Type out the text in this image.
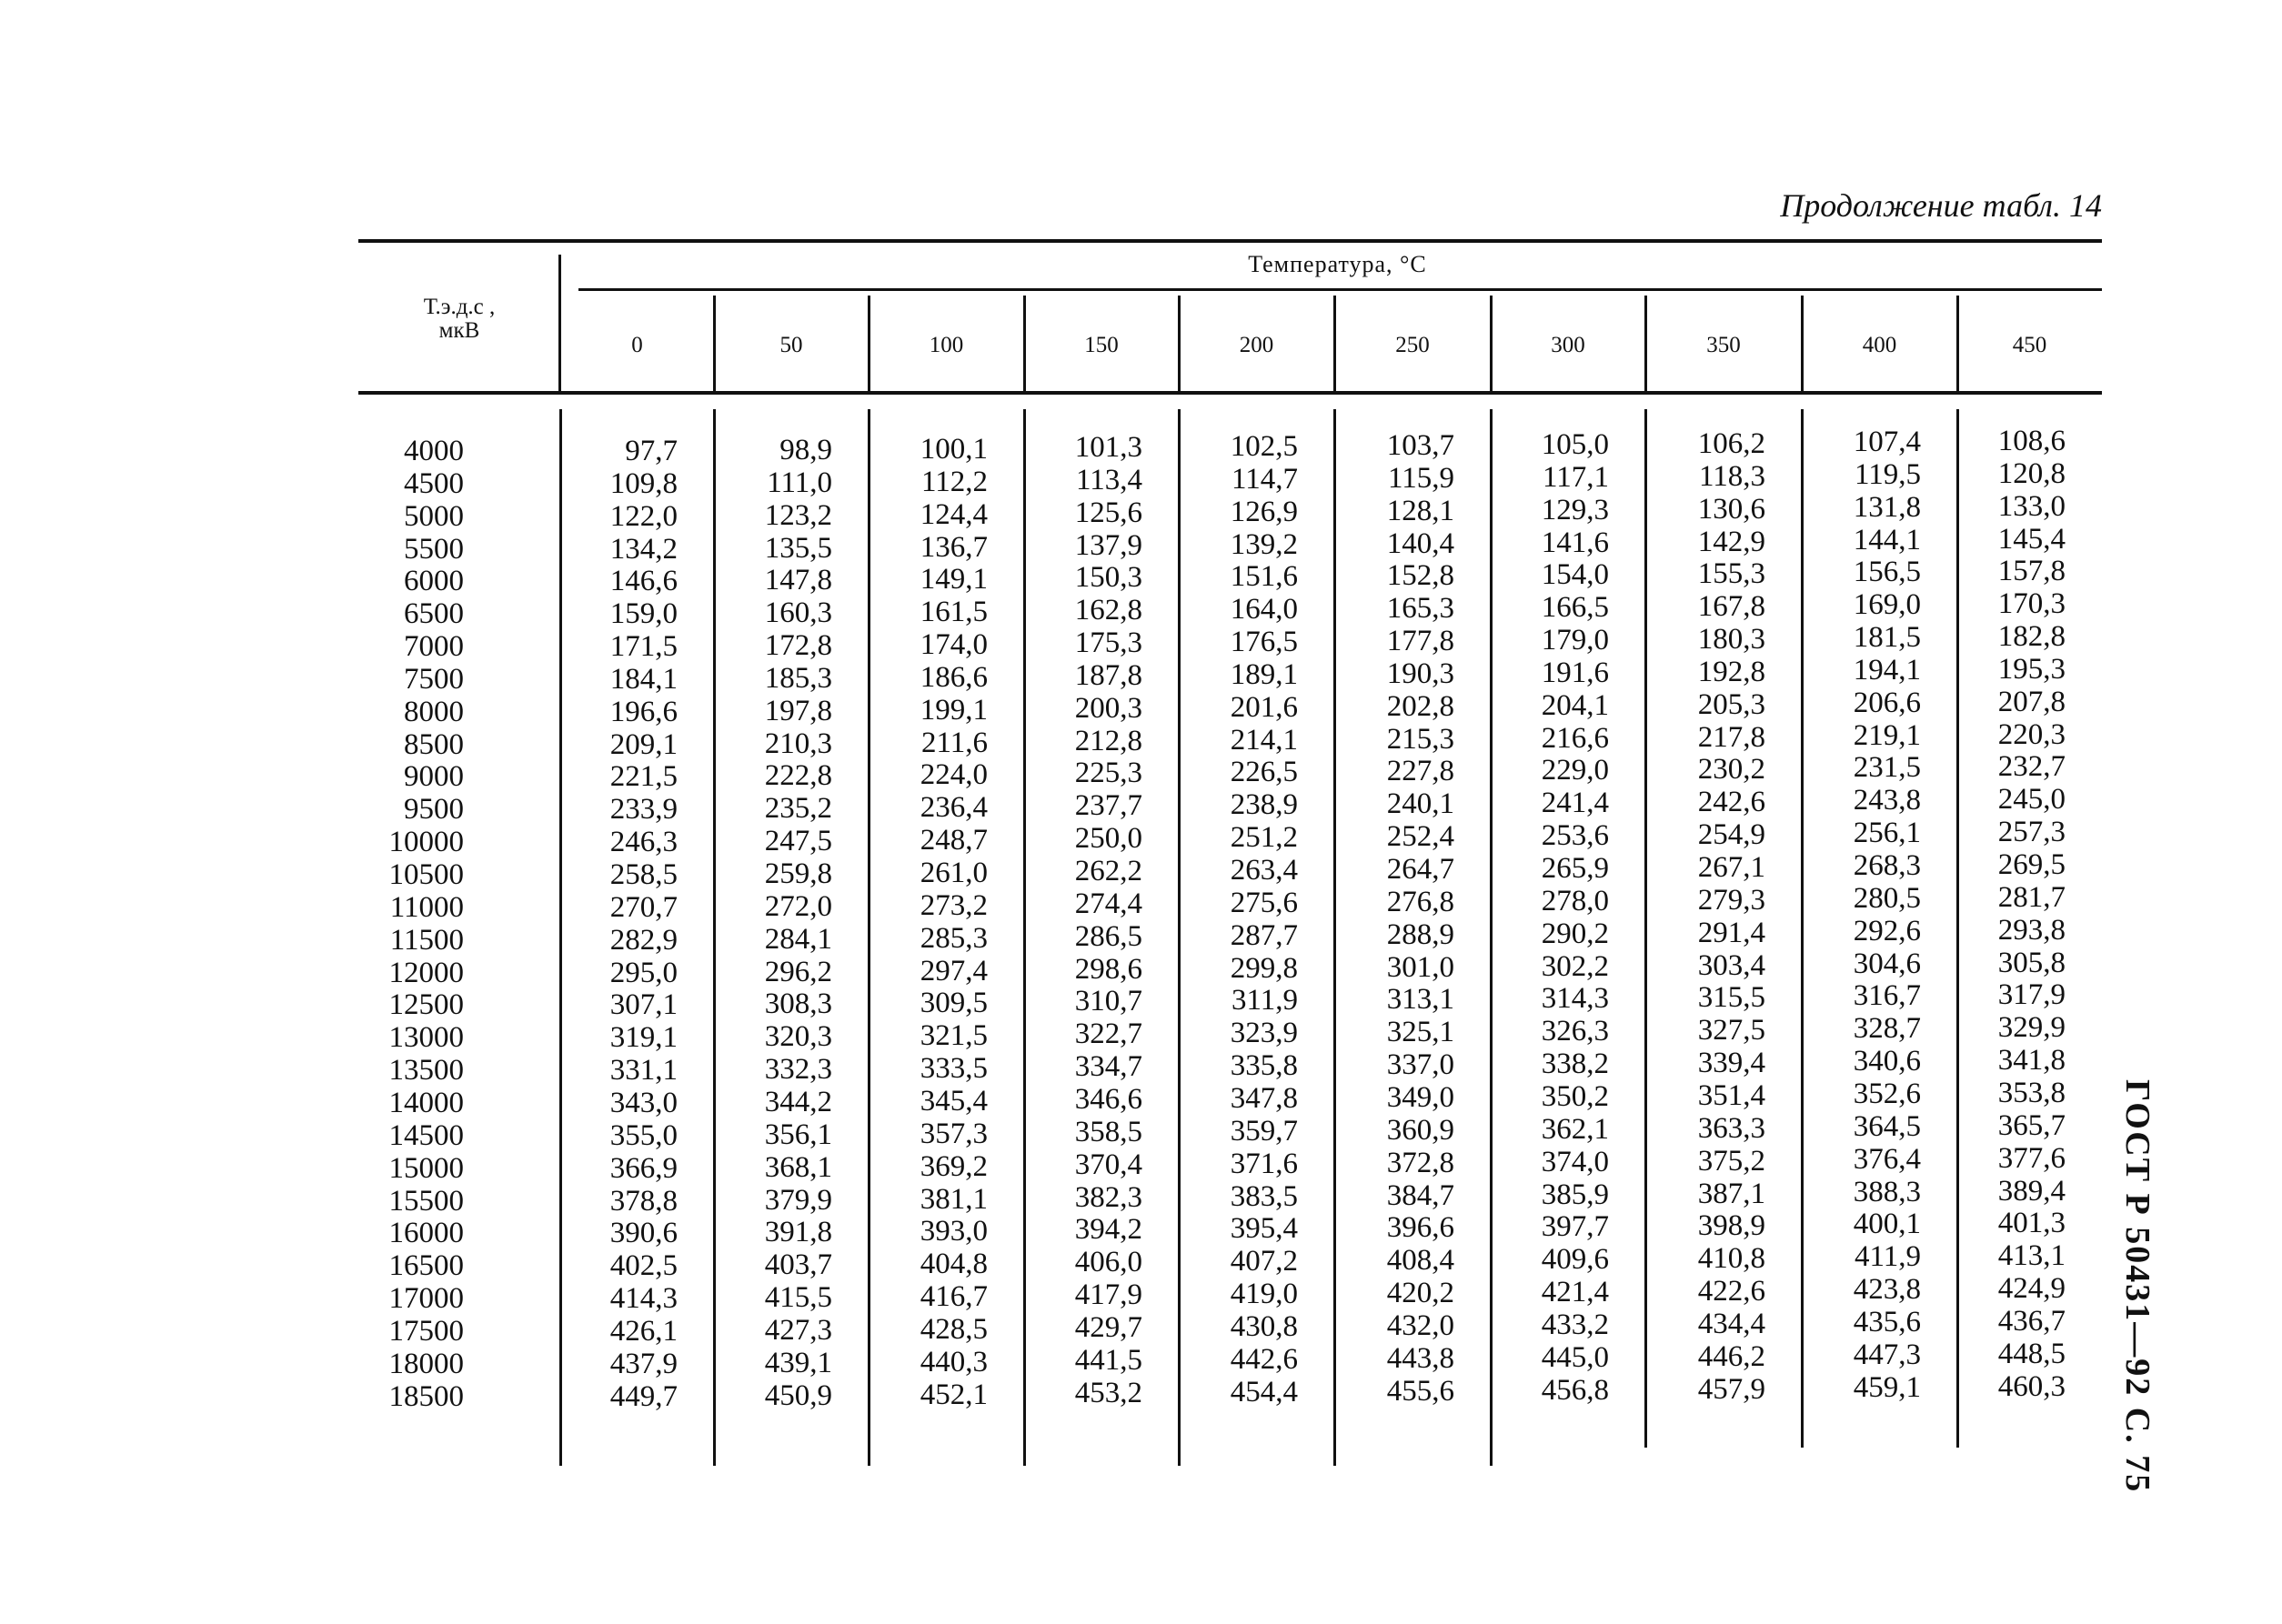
Продолжение табл. 14
Т.э.д.с ,
мкВ
Температура, °С
0	50	100	150	200	250	300	350	400	450
4000	97,7	98,9	100,1	101,3	102,5	103,7	105,0	106,2	107,4	108,6
4500	109,8	111,0	112,2	113,4	114,7	115,9	117,1	118,3	119,5	120,8
5000	122,0	123,2	124,4	125,6	126,9	128,1	129,3	130,6	131,8	133,0
5500	134,2	135,5	136,7	137,9	139,2	140,4	141,6	142,9	144,1	145,4
6000	146,6	147,8	149,1	150,3	151,6	152,8	154,0	155,3	156,5	157,8
6500	159,0	160,3	161,5	162,8	164,0	165,3	166,5	167,8	169,0	170,3
7000	171,5	172,8	174,0	175,3	176,5	177,8	179,0	180,3	181,5	182,8
7500	184,1	185,3	186,6	187,8	189,1	190,3	191,6	192,8	194,1	195,3
8000	196,6	197,8	199,1	200,3	201,6	202,8	204,1	205,3	206,6	207,8
8500	209,1	210,3	211,6	212,8	214,1	215,3	216,6	217,8	219,1	220,3
9000	221,5	222,8	224,0	225,3	226,5	227,8	229,0	230,2	231,5	232,7
9500	233,9	235,2	236,4	237,7	238,9	240,1	241,4	242,6	243,8	245,0
10000	246,3	247,5	248,7	250,0	251,2	252,4	253,6	254,9	256,1	257,3
10500	258,5	259,8	261,0	262,2	263,4	264,7	265,9	267,1	268,3	269,5
11000	270,7	272,0	273,2	274,4	275,6	276,8	278,0	279,3	280,5	281,7
11500	282,9	284,1	285,3	286,5	287,7	288,9	290,2	291,4	292,6	293,8
12000	295,0	296,2	297,4	298,6	299,8	301,0	302,2	303,4	304,6	305,8
12500	307,1	308,3	309,5	310,7	311,9	313,1	314,3	315,5	316,7	317,9
13000	319,1	320,3	321,5	322,7	323,9	325,1	326,3	327,5	328,7	329,9
13500	331,1	332,3	333,5	334,7	335,8	337,0	338,2	339,4	340,6	341,8
14000	343,0	344,2	345,4	346,6	347,8	349,0	350,2	351,4	352,6	353,8
14500	355,0	356,1	357,3	358,5	359,7	360,9	362,1	363,3	364,5	365,7
15000	366,9	368,1	369,2	370,4	371,6	372,8	374,0	375,2	376,4	377,6
15500	378,8	379,9	381,1	382,3	383,5	384,7	385,9	387,1	388,3	389,4
16000	390,6	391,8	393,0	394,2	395,4	396,6	397,7	398,9	400,1	401,3
16500	402,5	403,7	404,8	406,0	407,2	408,4	409,6	410,8	411,9	413,1
17000	414,3	415,5	416,7	417,9	419,0	420,2	421,4	422,6	423,8	424,9
17500	426,1	427,3	428,5	429,7	430,8	432,0	433,2	434,4	435,6	436,7
18000	437,9	439,1	440,3	441,5	442,6	443,8	445,0	446,2	447,3	448,5
18500	449,7	450,9	452,1	453,2	454,4	455,6	456,8	457,9	459,1	460,3 ГОСТ Р 50431—92 С. 75
